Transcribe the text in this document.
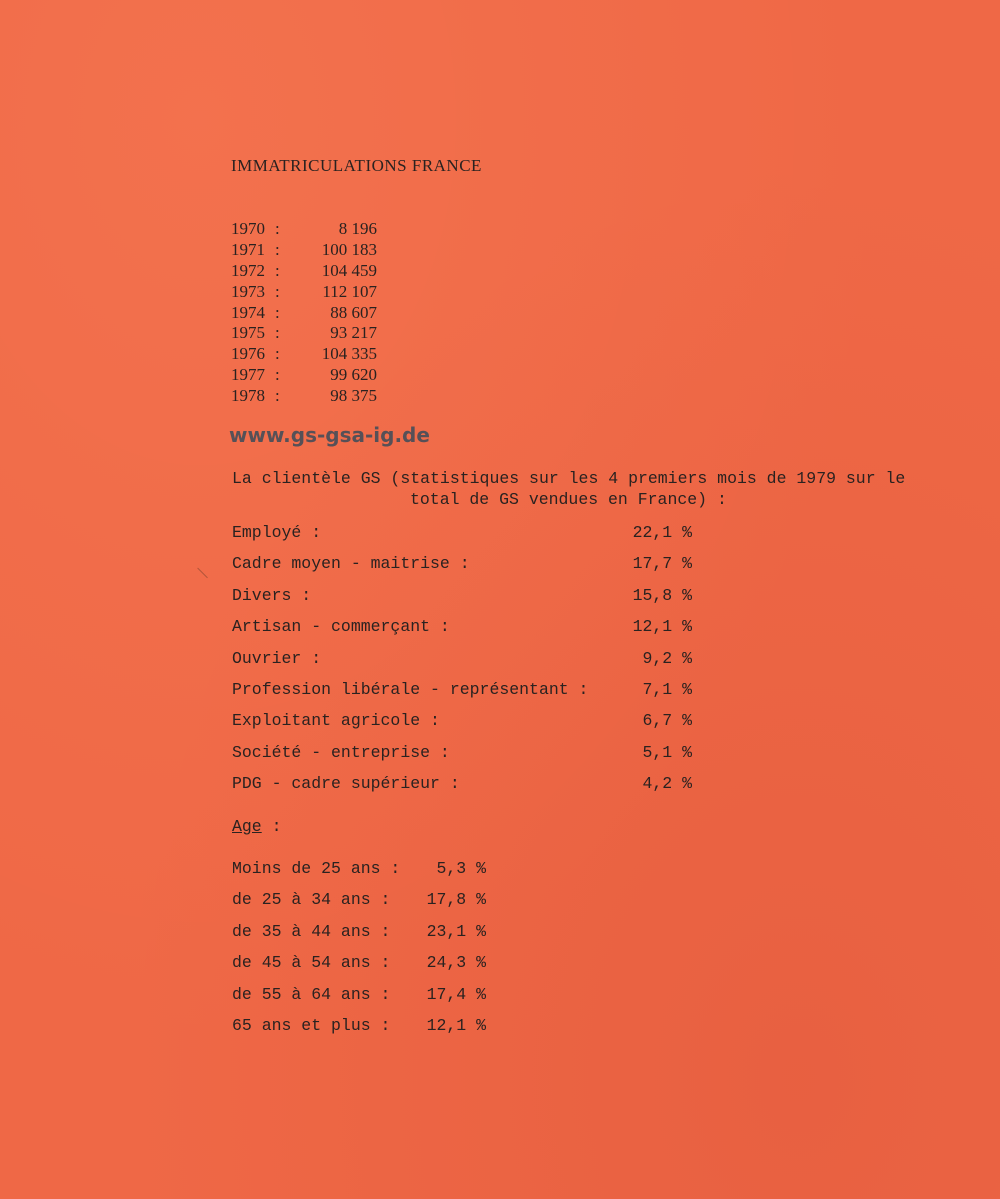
IMMATRICULATIONS FRANCE
1970 :	8 196
1971 :	100 183
1972 :	104 459
1973 :	112 107
1974 :	88 607
1975 :	93 217
1976 :	104 335
1977 :	99 620
1978 :	98 375
www.gs-gsa-ig.de
La clientèle GS (statistiques sur les 4 premiers mois de 1979 sur le
total de GS vendues en France) :
Employé :	22,1 %
Cadre moyen - maitrise :	17,7 %
Divers :	15,8 %
Artisan - commerçant :	12,1 %
Ouvrier :	9,2 %
Profession libérale - représentant :	7,1 %
Exploitant agricole :	6,7 %
Société - entreprise :	5,1 %
PDG - cadre supérieur :	4,2 %
Age :
Moins de 25 ans : 5,3 %
de 25 à 34 ans : 17,8 %
de 35 à 44 ans : 23,1 %
de 45 à 54 ans : 24,3 %
de 55 à 64 ans : 17,4 %
65 ans et plus : 12,1 %
